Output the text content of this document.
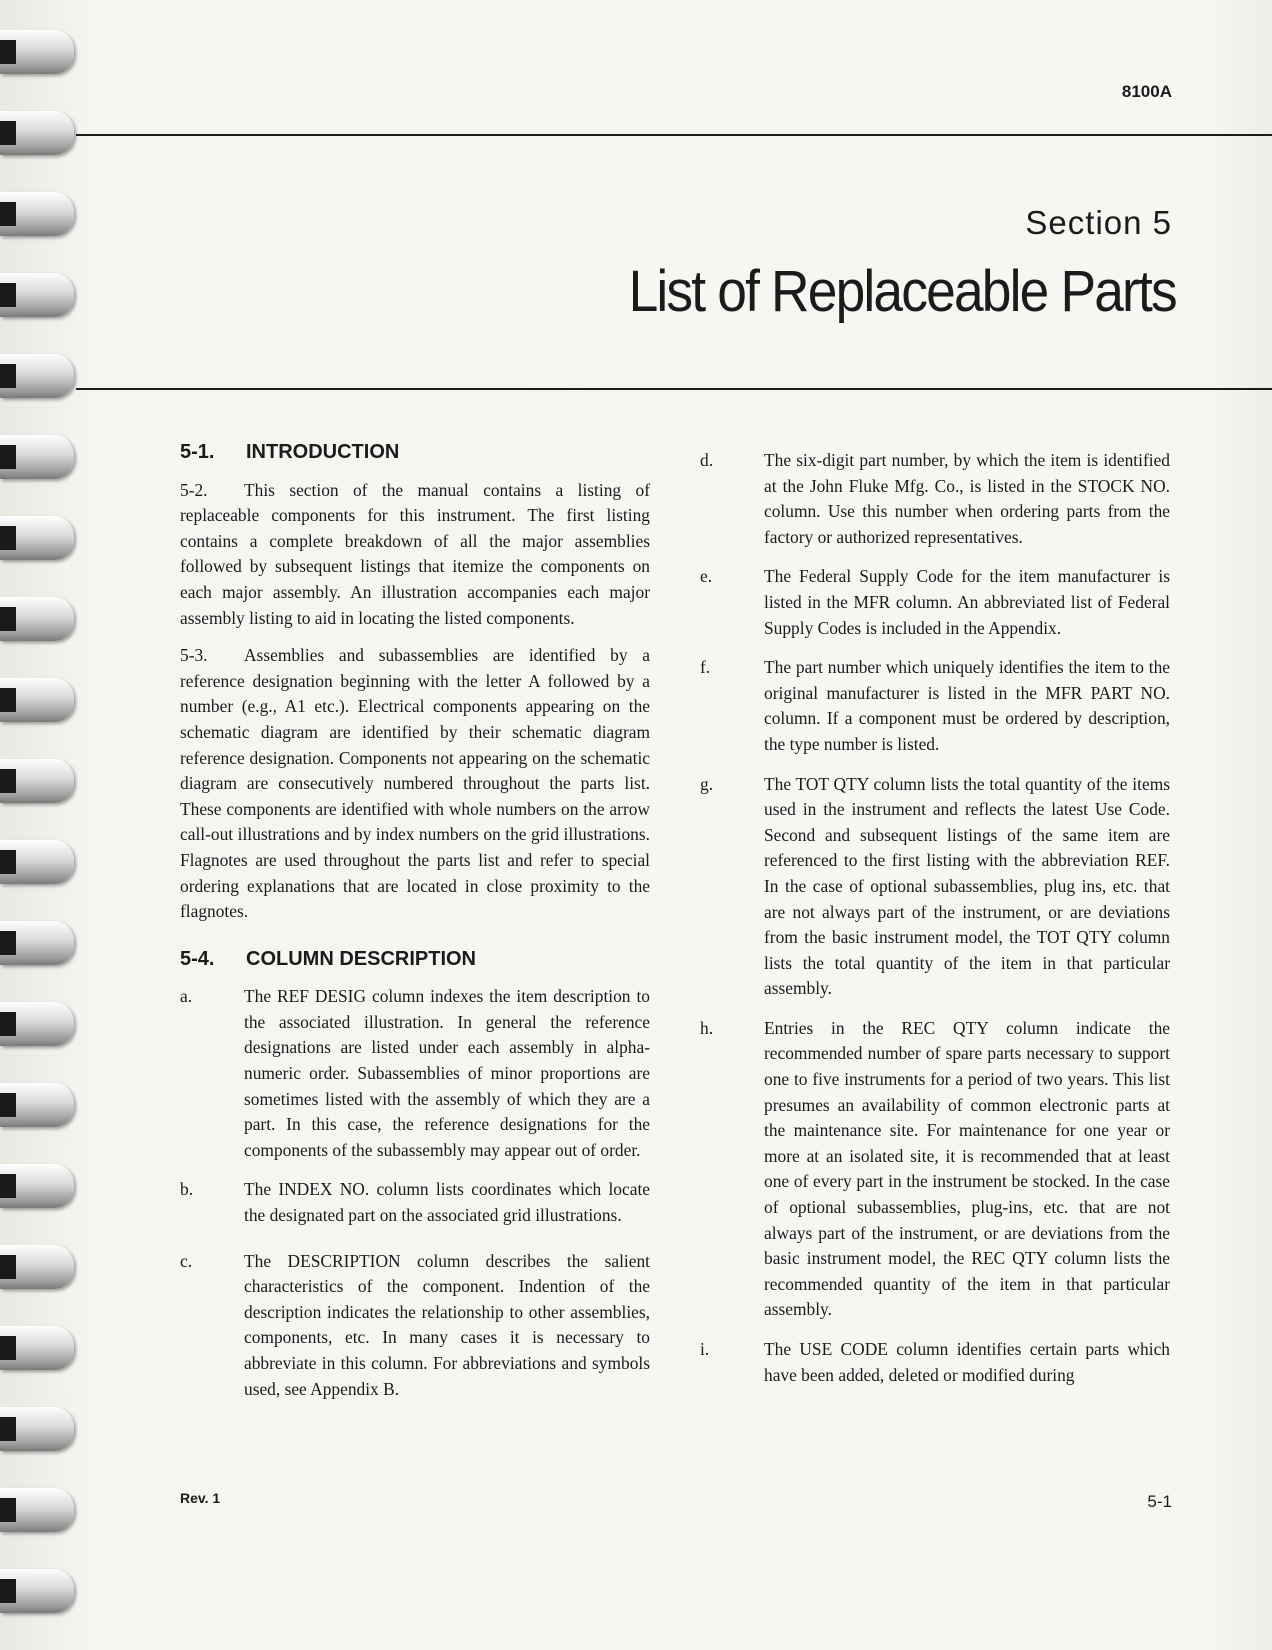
8100A
Section 5
List of Replaceable Parts
5-1.	INTRODUCTION
5-2. This section of the manual contains a listing of replaceable components for this instrument. The first listing contains a complete breakdown of all the major assemblies followed by subsequent listings that itemize the components on each major assembly. An illustration accompanies each major assembly listing to aid in locating the listed components.
5-3. Assemblies and subassemblies are identified by a reference designation beginning with the letter A followed by a number (e.g., A1 etc.). Electrical components appearing on the schematic diagram are identified by their schematic diagram reference designation. Components not appearing on the schematic diagram are consecutively numbered throughout the parts list. These components are identified with whole numbers on the arrow call-out illustrations and by index numbers on the grid illustrations. Flagnotes are used throughout the parts list and refer to special ordering explanations that are located in close proximity to the flagnotes.
5-4.	COLUMN DESCRIPTION
a.	The REF DESIG column indexes the item description to the associated illustration. In general the reference designations are listed under each assembly in alpha-numeric order. Subassemblies of minor proportions are sometimes listed with the assembly of which they are a part. In this case, the reference designations for the components of the subassembly may appear out of order.
b.	The INDEX NO. column lists coordinates which locate the designated part on the associated grid illustrations.
c.	The DESCRIPTION column describes the salient characteristics of the component. Indention of the description indicates the relationship to other assemblies, components, etc. In many cases it is necessary to abbreviate in this column. For abbreviations and symbols used, see Appendix B.
d.	The six-digit part number, by which the item is identified at the John Fluke Mfg. Co., is listed in the STOCK NO. column. Use this number when ordering parts from the factory or authorized representatives.
e.	The Federal Supply Code for the item manufacturer is listed in the MFR column. An abbreviated list of Federal Supply Codes is included in the Appendix.
f.	The part number which uniquely identifies the item to the original manufacturer is listed in the MFR PART NO. column. If a component must be ordered by description, the type number is listed.
g.	The TOT QTY column lists the total quantity of the items used in the instrument and reflects the latest Use Code. Second and subsequent listings of the same item are referenced to the first listing with the abbreviation REF. In the case of optional subassemblies, plug ins, etc. that are not always part of the instrument, or are deviations from the basic instrument model, the TOT QTY column lists the total quantity of the item in that particular assembly.
h.	Entries in the REC QTY column indicate the recommended number of spare parts necessary to support one to five instruments for a period of two years. This list presumes an availability of common electronic parts at the maintenance site. For maintenance for one year or more at an isolated site, it is recommended that at least one of every part in the instrument be stocked. In the case of optional subassemblies, plug-ins, etc. that are not always part of the instrument, or are deviations from the basic instrument model, the REC QTY column lists the recommended quantity of the item in that particular assembly.
i.	The USE CODE column identifies certain parts which have been added, deleted or modified during
Rev. 1	5-1
